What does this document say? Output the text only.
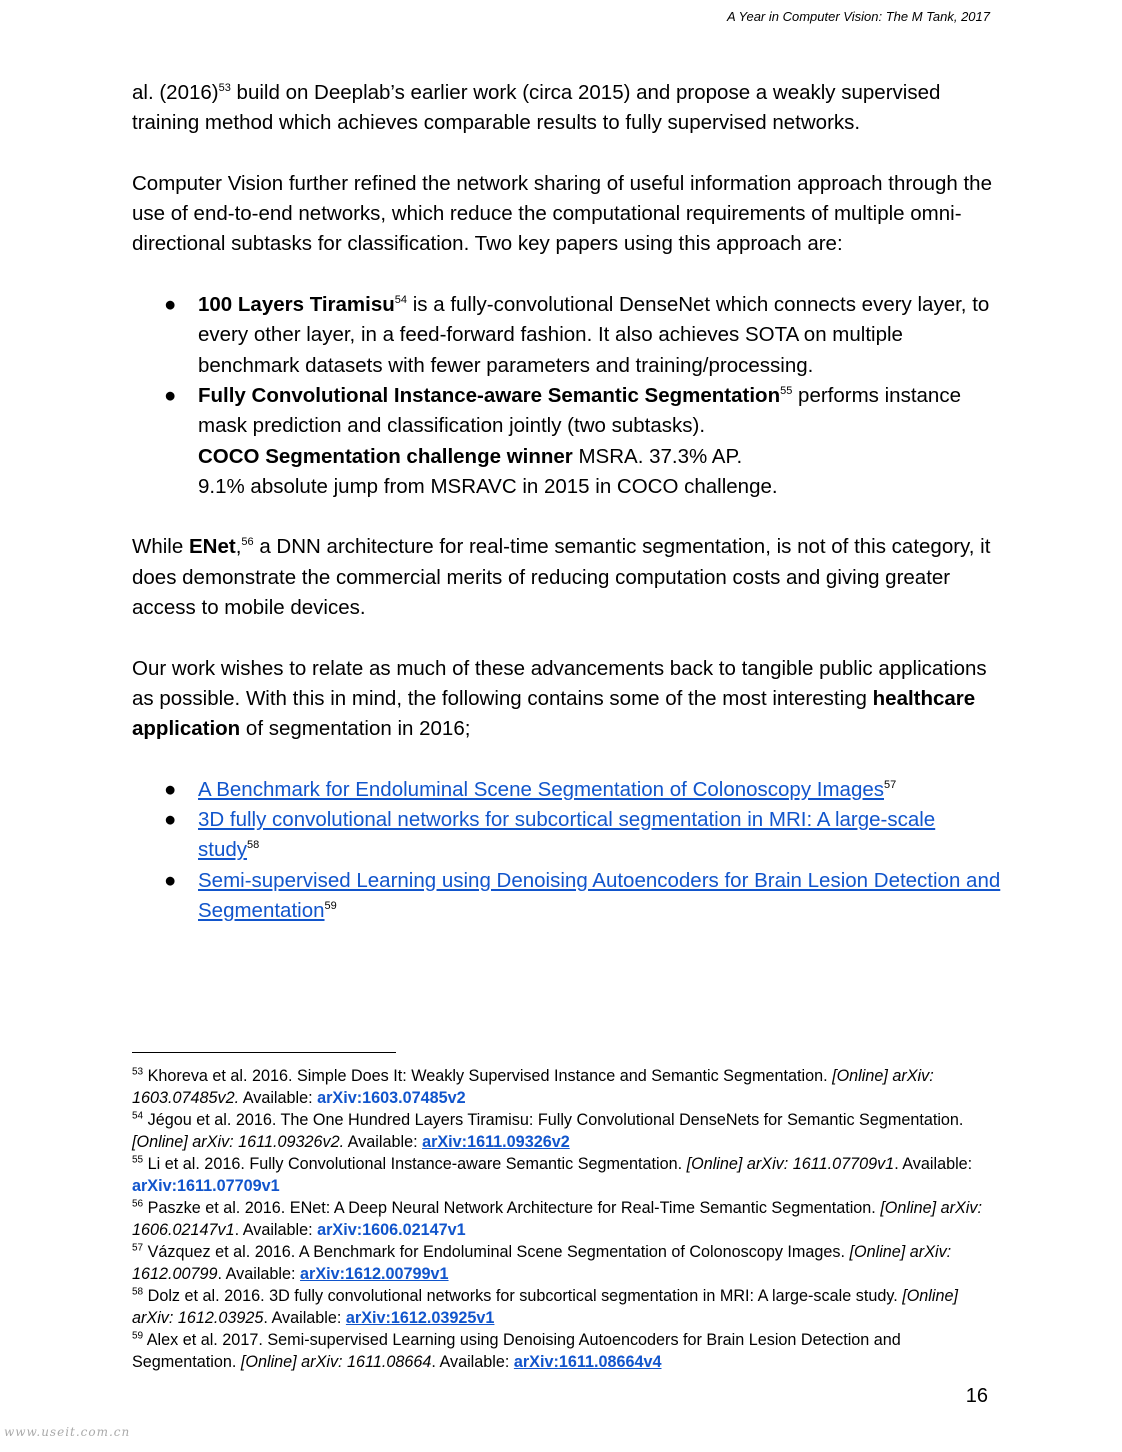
A Year in Computer Vision: The M Tank, 2017

al. $(2016)^{53}$ build on Deeplab’s earlier work (circa 2015) and propose a weakly supervised training method which achieves comparable results to fully supervised networks.

Computer Vision further refined the network sharing of useful information approach through the use of end-to-end networks, which reduce the computational requirements of multiple omni-directional subtasks for classification. Two key papers using this approach are:

● 100 Layers Tiramisu$^{54}$ is a fully-convolutional DenseNet which connects every layer, to every other layer, in a feed-forward fashion. It also achieves SOTA on multiple benchmark datasets with fewer parameters and training/processing.
● Fully Convolutional Instance-aware Semantic Segmentation$^{55}$ performs instance mask prediction and classification jointly (two subtasks).
COCO Segmentation challenge winner MSRA. 37.3% AP.
9.1% absolute jump from MSRAVC in 2015 in COCO challenge.

While ENet,$^{56}$ a DNN architecture for real-time semantic segmentation, is not of this category, it does demonstrate the commercial merits of reducing computation costs and giving greater access to mobile devices.

Our work wishes to relate as much of these advancements back to tangible public applications as possible. With this in mind, the following contains some of the most interesting healthcare application of segmentation in 2016;

● A Benchmark for Endoluminal Scene Segmentation of Colonoscopy Images$^{57}$
● 3D fully convolutional networks for subcortical segmentation in MRI: A large-scale study$^{58}$
● Semi-supervised Learning using Denoising Autoencoders for Brain Lesion Detection and Segmentation$^{59}$

$^{53}$ Khoreva et al. 2016. Simple Does It: Weakly Supervised Instance and Semantic Segmentation. [Online] arXiv: 1603.07485v2. Available: arXiv:1603.07485v2

$^{54}$ Jégou et al. 2016. The One Hundred Layers Tiramisu: Fully Convolutional DenseNets for Semantic Segmentation. [Online] arXiv: 1611.09326v2. Available: arXiv:1611.09326v2

$^{55}$ Li et al. 2016. Fully Convolutional Instance-aware Semantic Segmentation. [Online] arXiv: 1611.07709v1. Available: arXiv:1611.07709v1

$^{56}$ Paszke et al. 2016. ENet: A Deep Neural Network Architecture for Real-Time Semantic Segmentation. [Online] arXiv: 1606.02147v1. Available: arXiv:1606.02147v1

$^{57}$ Vázquez et al. 2016. A Benchmark for Endoluminal Scene Segmentation of Colonoscopy Images. [Online] arXiv: 1612.00799. Available: arXiv:1612.00799v1

$^{58}$ Dolz et al. 2016. 3D fully convolutional networks for subcortical segmentation in MRI: A large-scale study. [Online] arXiv: 1612.03925. Available: arXiv:1612.03925v1

$^{59}$ Alex et al. 2017. Semi-supervised Learning using Denoising Autoencoders for Brain Lesion Detection and Segmentation. [Online] arXiv: 1611.08664. Available: arXiv:1611.08664v4

16
www.useit.com.cn
